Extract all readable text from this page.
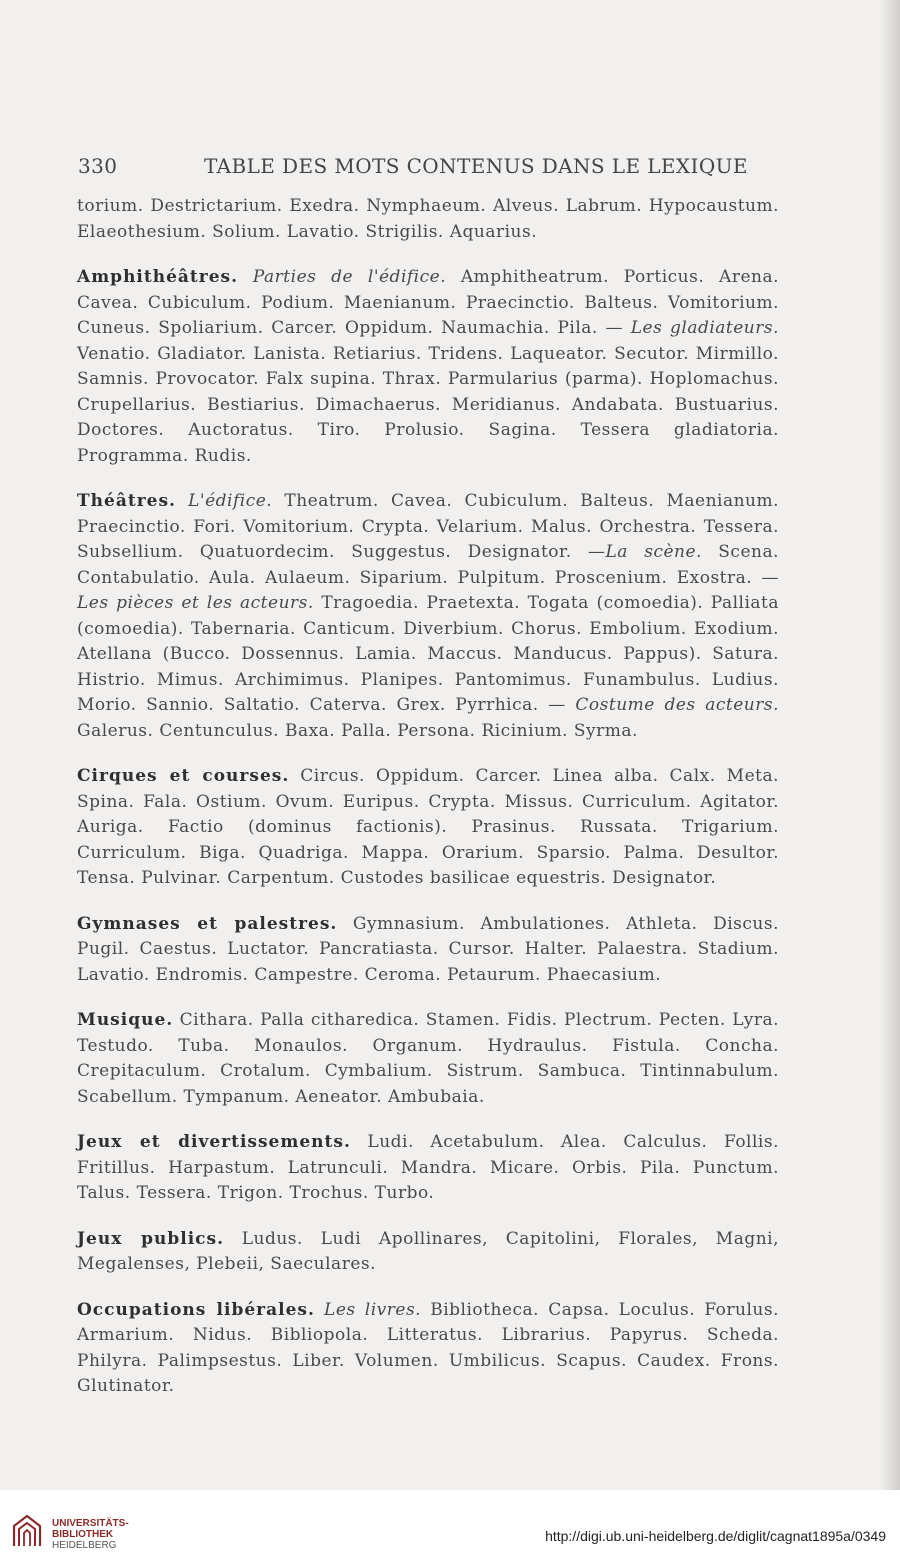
330	TABLE DES MOTS CONTENUS DANS LE LEXIQUE

torium. Destrictarium. Exedra. Nymphaeum. Alveus. Labrum. Hypocaustum. Elaeothesium. Solium. Lavatio. Strigilis. Aquarius.

Amphithéâtres. Parties de l'édifice. Amphitheatrum. Porticus. Arena. Cavea. Cubiculum. Podium. Maenianum. Praecinctio. Balteus. Vomitorium. Cuneus. Spoliarium. Carcer. Oppidum. Naumachia. Pila. — Les gladiateurs. Venatio. Gladiator. Lanista. Retiarius. Tridens. Laqueator. Secutor. Mirmillo. Samnis. Provocator. Falx supina. Thrax. Parmularius (parma). Hoplomachus. Crupellarius. Bestiarius. Dimachaerus. Meridianus. Andabata. Bustuarius. Doctores. Auctoratus. Tiro. Prolusio. Sagina. Tessera gladiatoria. Programma. Rudis.

Théâtres. L'édifice. Theatrum. Cavea. Cubiculum. Balteus. Maenianum. Praecinctio. Fori. Vomitorium. Crypta. Velarium. Malus. Orchestra. Tessera. Subsellium. Quatuordecim. Suggestus. Designator. —La scène. Scena. Contabulatio. Aula. Aulaeum. Siparium. Pulpitum. Proscenium. Exostra. — Les pièces et les acteurs. Tragoedia. Praetexta. Togata (comoedia). Palliata (comoedia). Tabernaria. Canticum. Diverbium. Chorus. Embolium. Exodium. Atellana (Bucco. Dossennus. Lamia. Maccus. Manducus. Pappus). Satura. Histrio. Mimus. Archimimus. Planipes. Pantomimus. Funambulus. Ludius. Morio. Sannio. Saltatio. Caterva. Grex. Pyrrhica. — Costume des acteurs. Galerus. Centunculus. Baxa. Palla. Persona. Ricinium. Syrma.

Cirques et courses. Circus. Oppidum. Carcer. Linea alba. Calx. Meta. Spina. Fala. Ostium. Ovum. Euripus. Crypta. Missus. Curriculum. Agitator. Auriga. Factio (dominus factionis). Prasinus. Russata. Trigarium. Curriculum. Biga. Quadriga. Mappa. Orarium. Sparsio. Palma. Desultor. Tensa. Pulvinar. Carpentum. Custodes basilicae equestris. Designator.

Gymnases et palestres. Gymnasium. Ambulationes. Athleta. Discus. Pugil. Caestus. Luctator. Pancratiasta. Cursor. Halter. Palaestra. Stadium. Lavatio. Endromis. Campestre. Ceroma. Petaurum. Phaecasium.

Musique. Cithara. Palla citharedica. Stamen. Fidis. Plectrum. Pecten. Lyra. Testudo. Tuba. Monaulos. Organum. Hydraulus. Fistula. Concha. Crepitaculum. Crotalum. Cymbalium. Sistrum. Sambuca. Tintinnabulum. Scabellum. Tympanum. Aeneator. Ambubaia.

Jeux et divertissements. Ludi. Acetabulum. Alea. Calculus. Follis. Fritillus. Harpastum. Latrunculi. Mandra. Micare. Orbis. Pila. Punctum. Talus. Tessera. Trigon. Trochus. Turbo.

Jeux publics. Ludus. Ludi Apollinares, Capitolini, Florales, Magni, Megalenses, Plebeii, Saeculares.

Occupations libérales. Les livres. Bibliotheca. Capsa. Loculus. Forulus. Armarium. Nidus. Bibliopola. Litteratus. Librarius. Papyrus. Scheda. Philyra. Palimpsestus. Liber. Volumen. Umbilicus. Scapus. Caudex. Frons. Glutinator.

UNIVERSITÄTS-
BIBLIOTHEK
HEIDELBERG
http://digi.ub.uni-heidelberg.de/diglit/cagnat1895a/0349
